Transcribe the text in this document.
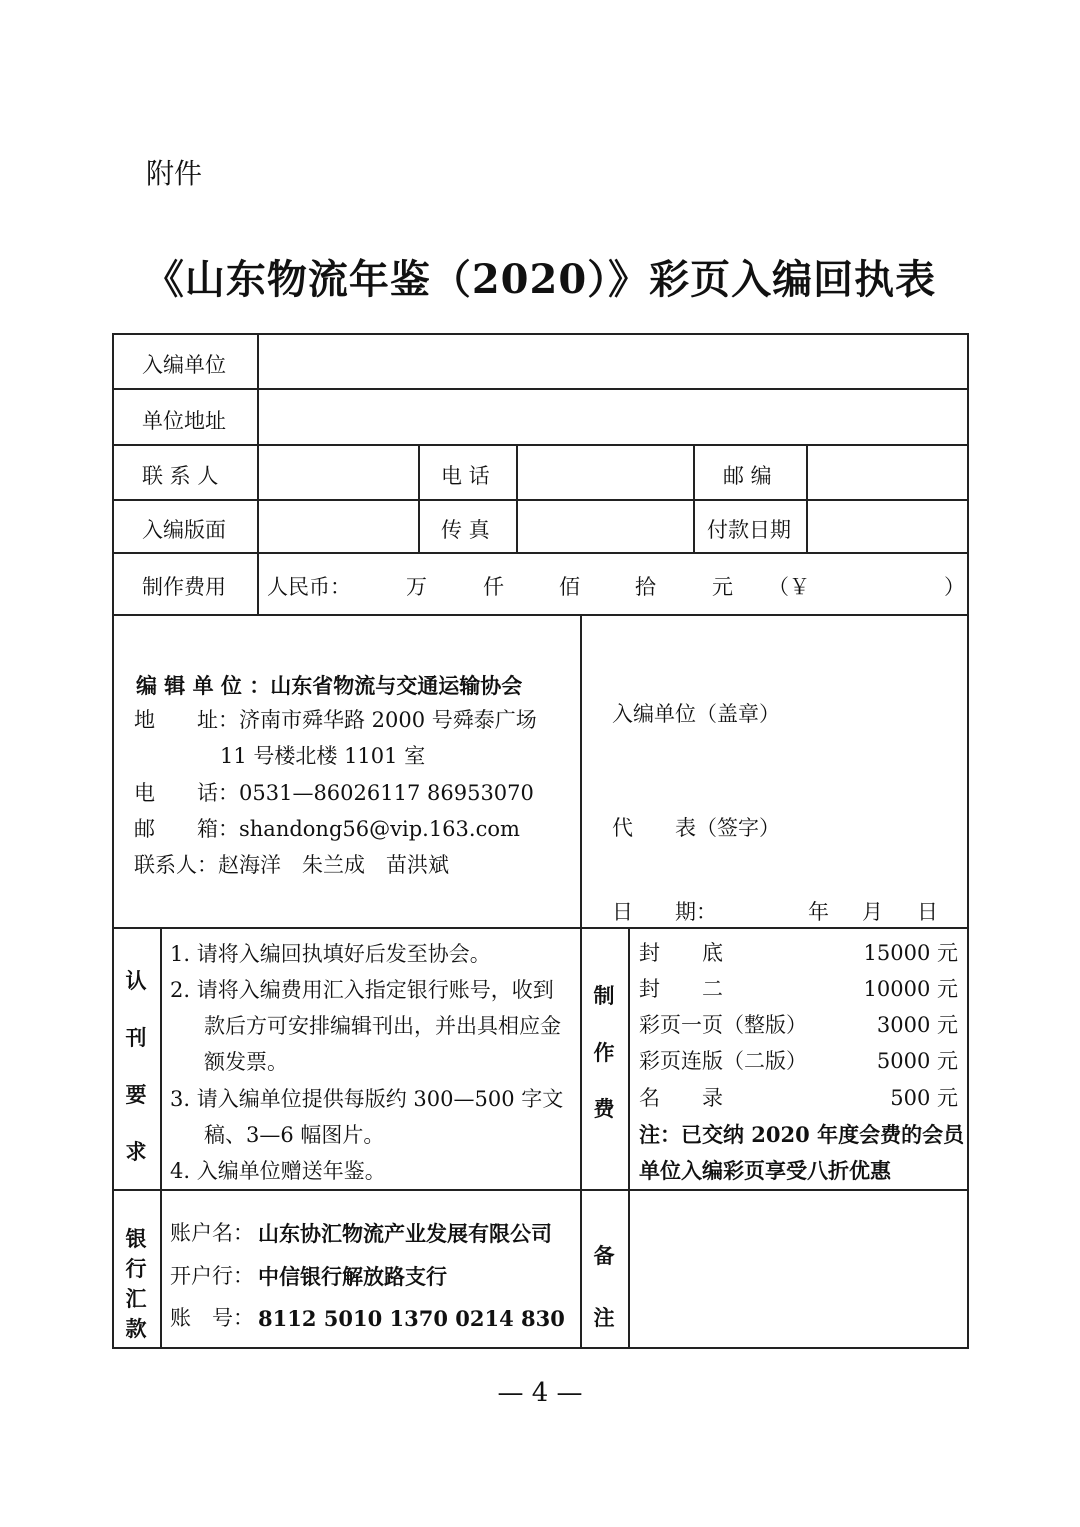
附件
《山东物流年鉴（2020）》彩页入编回执表
入编单位
单位地址
联 系 人	电 话	邮 编
入编版面	传 真	付款日期
制作费用 人民币：	万	仟	佰	拾	元 （￥	）
编 辑 单 位 ：山东省物流与交通运输协会
地　　址：济南市舜华路 2000 号舜泰广场
11 号楼北楼 1101 室
电　　话：0531—86026117 86953070
邮　　箱：shandong56@vip.163.com
联系人：赵海洋　朱兰成　苗洪斌
入编单位（盖章）
代　　表（签字）
日　　期：	年 月 日
认
刊
要
求
1. 请将入编回执填好后发至协会。
2. 请将入编费用汇入指定银行账号，收到
款后方可安排编辑刊出，并出具相应金
额发票。
3. 请入编单位提供每版约 300—500 字文
稿、3—6 幅图片。
4. 入编单位赠送年鉴。
制
作
费
封　　底	15000 元
封　　二	10000 元
彩页一页（整版）	3000 元
彩页连版（二版）	5000 元
名　　录	500 元
注：已交纳 2020 年度会费的会员
单位入编彩页享受八折优惠
银
行
汇
款
账户名： 山东协汇物流产业发展有限公司
开户行： 中信银行解放路支行
账　号： 8112 5010 1370 0214 830
备
注
— 4 —
